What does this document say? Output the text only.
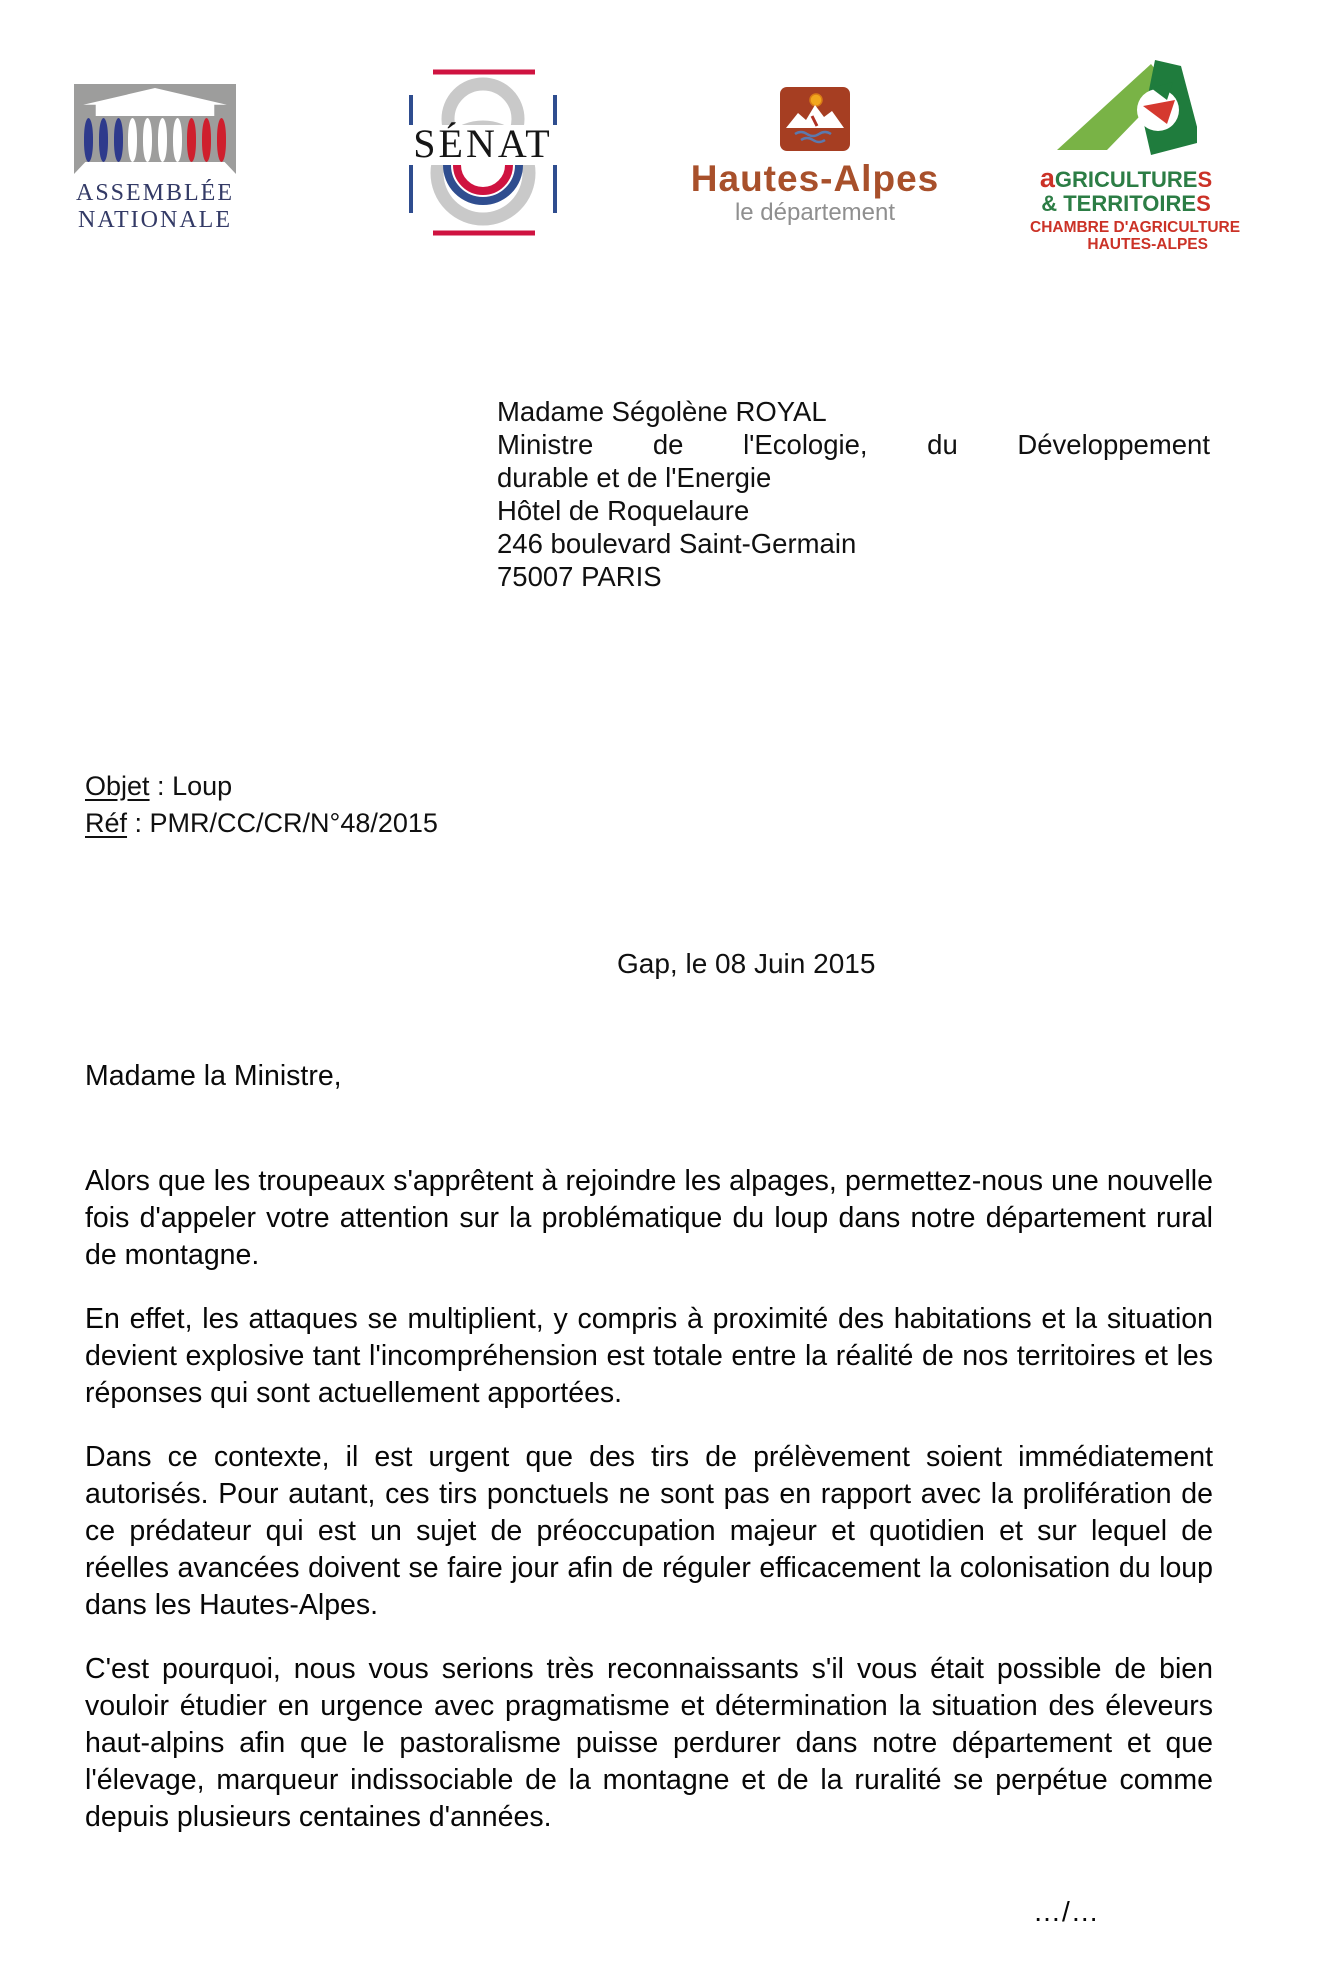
ASSEMBLÉE
NATIONALE
SÉNAT
Hautes-Alpes
le département
aGRICULTURES
& TERRITOIRES
CHAMBRE D'AGRICULTURE
HAUTES-ALPES
Madame Ségolène ROYAL
Ministre de l'Ecologie, du Développement
durable et de l'Energie
Hôtel de Roquelaure
246 boulevard Saint-Germain
75007 PARIS
Objet : Loup
Réf : PMR/CC/CR/N°48/2015
Gap, le 08 Juin 2015
Madame la Ministre,

Alors que les troupeaux s'apprêtent à rejoindre les alpages, permettez-nous une nouvelle fois d'appeler votre attention sur la problématique du loup dans notre département rural de montagne.

En effet, les attaques se multiplient, y compris à proximité des habitations et la situation devient explosive tant l'incompréhension est totale entre la réalité de nos territoires et les réponses qui sont actuellement apportées.

Dans ce contexte, il est urgent que des tirs de prélèvement soient immédiatement autorisés. Pour autant, ces tirs ponctuels ne sont pas en rapport avec la prolifération de ce prédateur qui est un sujet de préoccupation majeur et quotidien et sur lequel de réelles avancées doivent se faire jour afin de réguler efficacement la colonisation du loup dans les Hautes-Alpes.

C'est pourquoi, nous vous serions très reconnaissants s'il vous était possible de bien vouloir étudier en urgence avec pragmatisme et détermination la situation des éleveurs haut-alpins afin que le pastoralisme puisse perdurer dans notre département et que l'élevage, marqueur indissociable de la montagne et de la ruralité se perpétue comme depuis plusieurs centaines d'années.

…/…
